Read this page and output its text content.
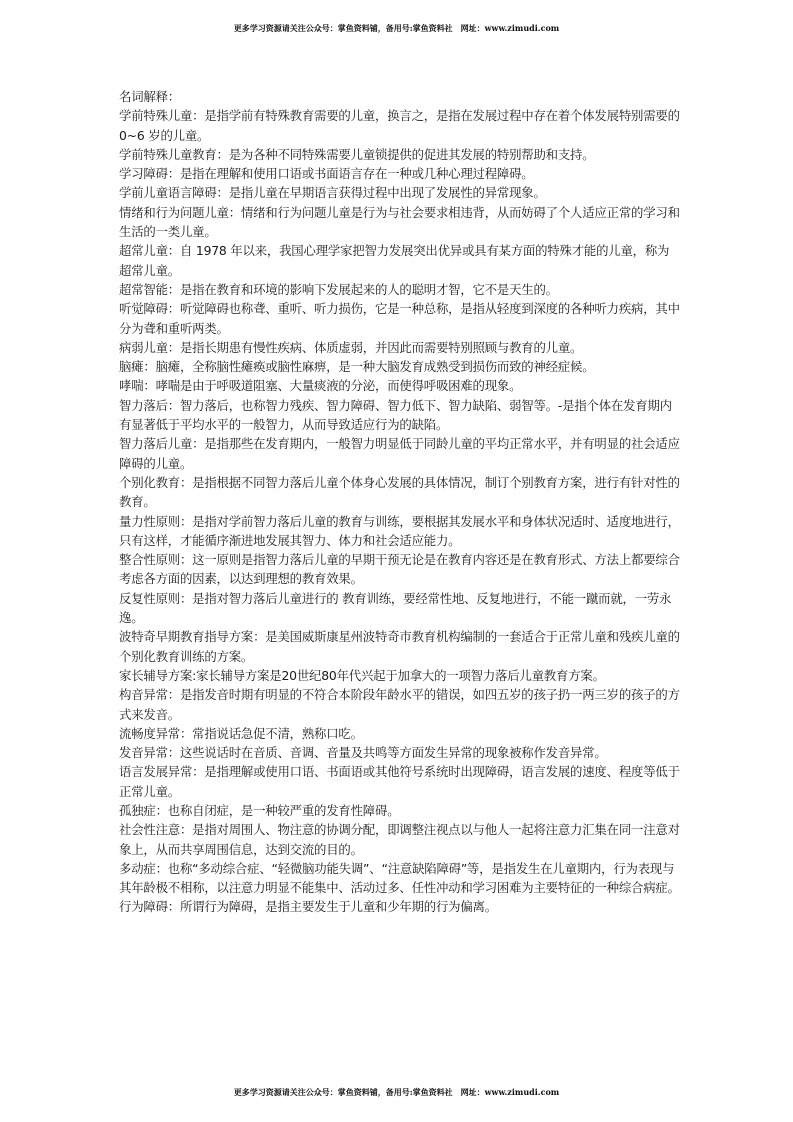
更多学习资源请关注公众号：掌鱼资料铺，备用号:掌鱼资料社　网址：www.zimudi.com

名词解释：

学前特殊儿童：是指学前有特殊教育需要的儿童，换言之，是指在发展过程中存在着个体发展特别需要的 0~6 岁的儿童。

学前特殊儿童教育：是为各种不同特殊需要儿童锁提供的促进其发展的特别帮助和支持。

学习障碍：是指在理解和使用口语或书面语言存在一种或几种心理过程障碍。

学前儿童语言障碍：是指儿童在早期语言获得过程中出现了发展性的异常现象。

情绪和行为问题儿童：情绪和行为问题儿童是行为与社会要求相违背，从而妨碍了个人适应正常的学习和生活的一类儿童。

超常儿童：自 1978 年以来，我国心理学家把智力发展突出优异或具有某方面的特殊才能的儿童，称为超常儿童。

超常智能：是指在教育和环境的影响下发展起来的人的聪明才智，它不是天生的。

听觉障碍：听觉障碍也称聋、重听、听力损伤，它是一种总称，是指从轻度到深度的各种听力疾病，其中分为聋和重听两类。

病弱儿童：是指长期患有慢性疾病、体质虚弱，并因此而需要特别照顾与教育的儿童。

脑瘫：脑瘫，全称脑性瘫痪或脑性麻痹，是一种大脑发育成熟受到损伤而致的神经症候。

哮喘：哮喘是由于呼吸道阻塞、大量痰液的分泌，而使得呼吸困难的现象。

智力落后：智力落后，也称智力残疾、智力障碍、智力低下、智力缺陷、弱智等。-是指个体在发育期内有显著低于平均水平的一般智力，从而导致适应行为的缺陷。

智力落后儿童：是指那些在发育期内，一般智力明显低于同龄儿童的平均正常水平，并有明显的社会适应障碍的儿童。

个别化教育：是指根据不同智力落后儿童个体身心发展的具体情况，制订个别教育方案，进行有针对性的教育。

量力性原则：是指对学前智力落后儿童的教育与训练，要根据其发展水平和身体状况适时、适度地进行，只有这样，才能循序渐进地发展其智力、体力和社会适应能力。

整合性原则：这一原则是指智力落后儿童的早期干预无论是在教育内容还是在教育形式、方法上都要综合考虑各方面的因素，以达到理想的教育效果。

反复性原则：是指对智力落后儿童进行的 教育训练，要经常性地、反复地进行，不能一蹴而就，一劳永逸。

波特奇早期教育指导方案：是美国威斯康星州波特奇市教育机构编制的一套适合于正常儿童和残疾儿童的个别化教育训练的方案。

家长辅导方案:家长辅导方案是20世纪80年代兴起于加拿大的一项智力落后儿童教育方案。

构音异常：是指发音时期有明显的不符合本阶段年龄水平的错误，如四五岁的孩子扔一两三岁的孩子的方式来发音。

流畅度异常：常指说话急促不清，熟称口吃。

发音异常：这些说话时在音质、音调、音量及共鸣等方面发生异常的现象被称作发音异常。

语言发展异常：是指理解或使用口语、书面语或其他符号系统时出现障碍，语言发展的速度、程度等低于正常儿童。

孤独症：也称自闭症，是一种较严重的发育性障碍。

社会性注意：是指对周围人、物注意的协调分配，即调整注视点以与他人一起将注意力汇集在同一注意对象上，从而共享周围信息，达到交流的目的。

多动症：也称“多动综合症、“轻微脑功能失调”、“注意缺陷障碍”等，是指发生在儿童期内，行为表现与其年龄极不相称，以注意力明显不能集中、活动过多、任性冲动和学习困难为主要特征的一种综合病症。

行为障碍：所谓行为障碍，是指主要发生于儿童和少年期的行为偏离。

更多学习资源请关注公众号：掌鱼资料铺，备用号:掌鱼资料社　网址：www.zimudi.com
